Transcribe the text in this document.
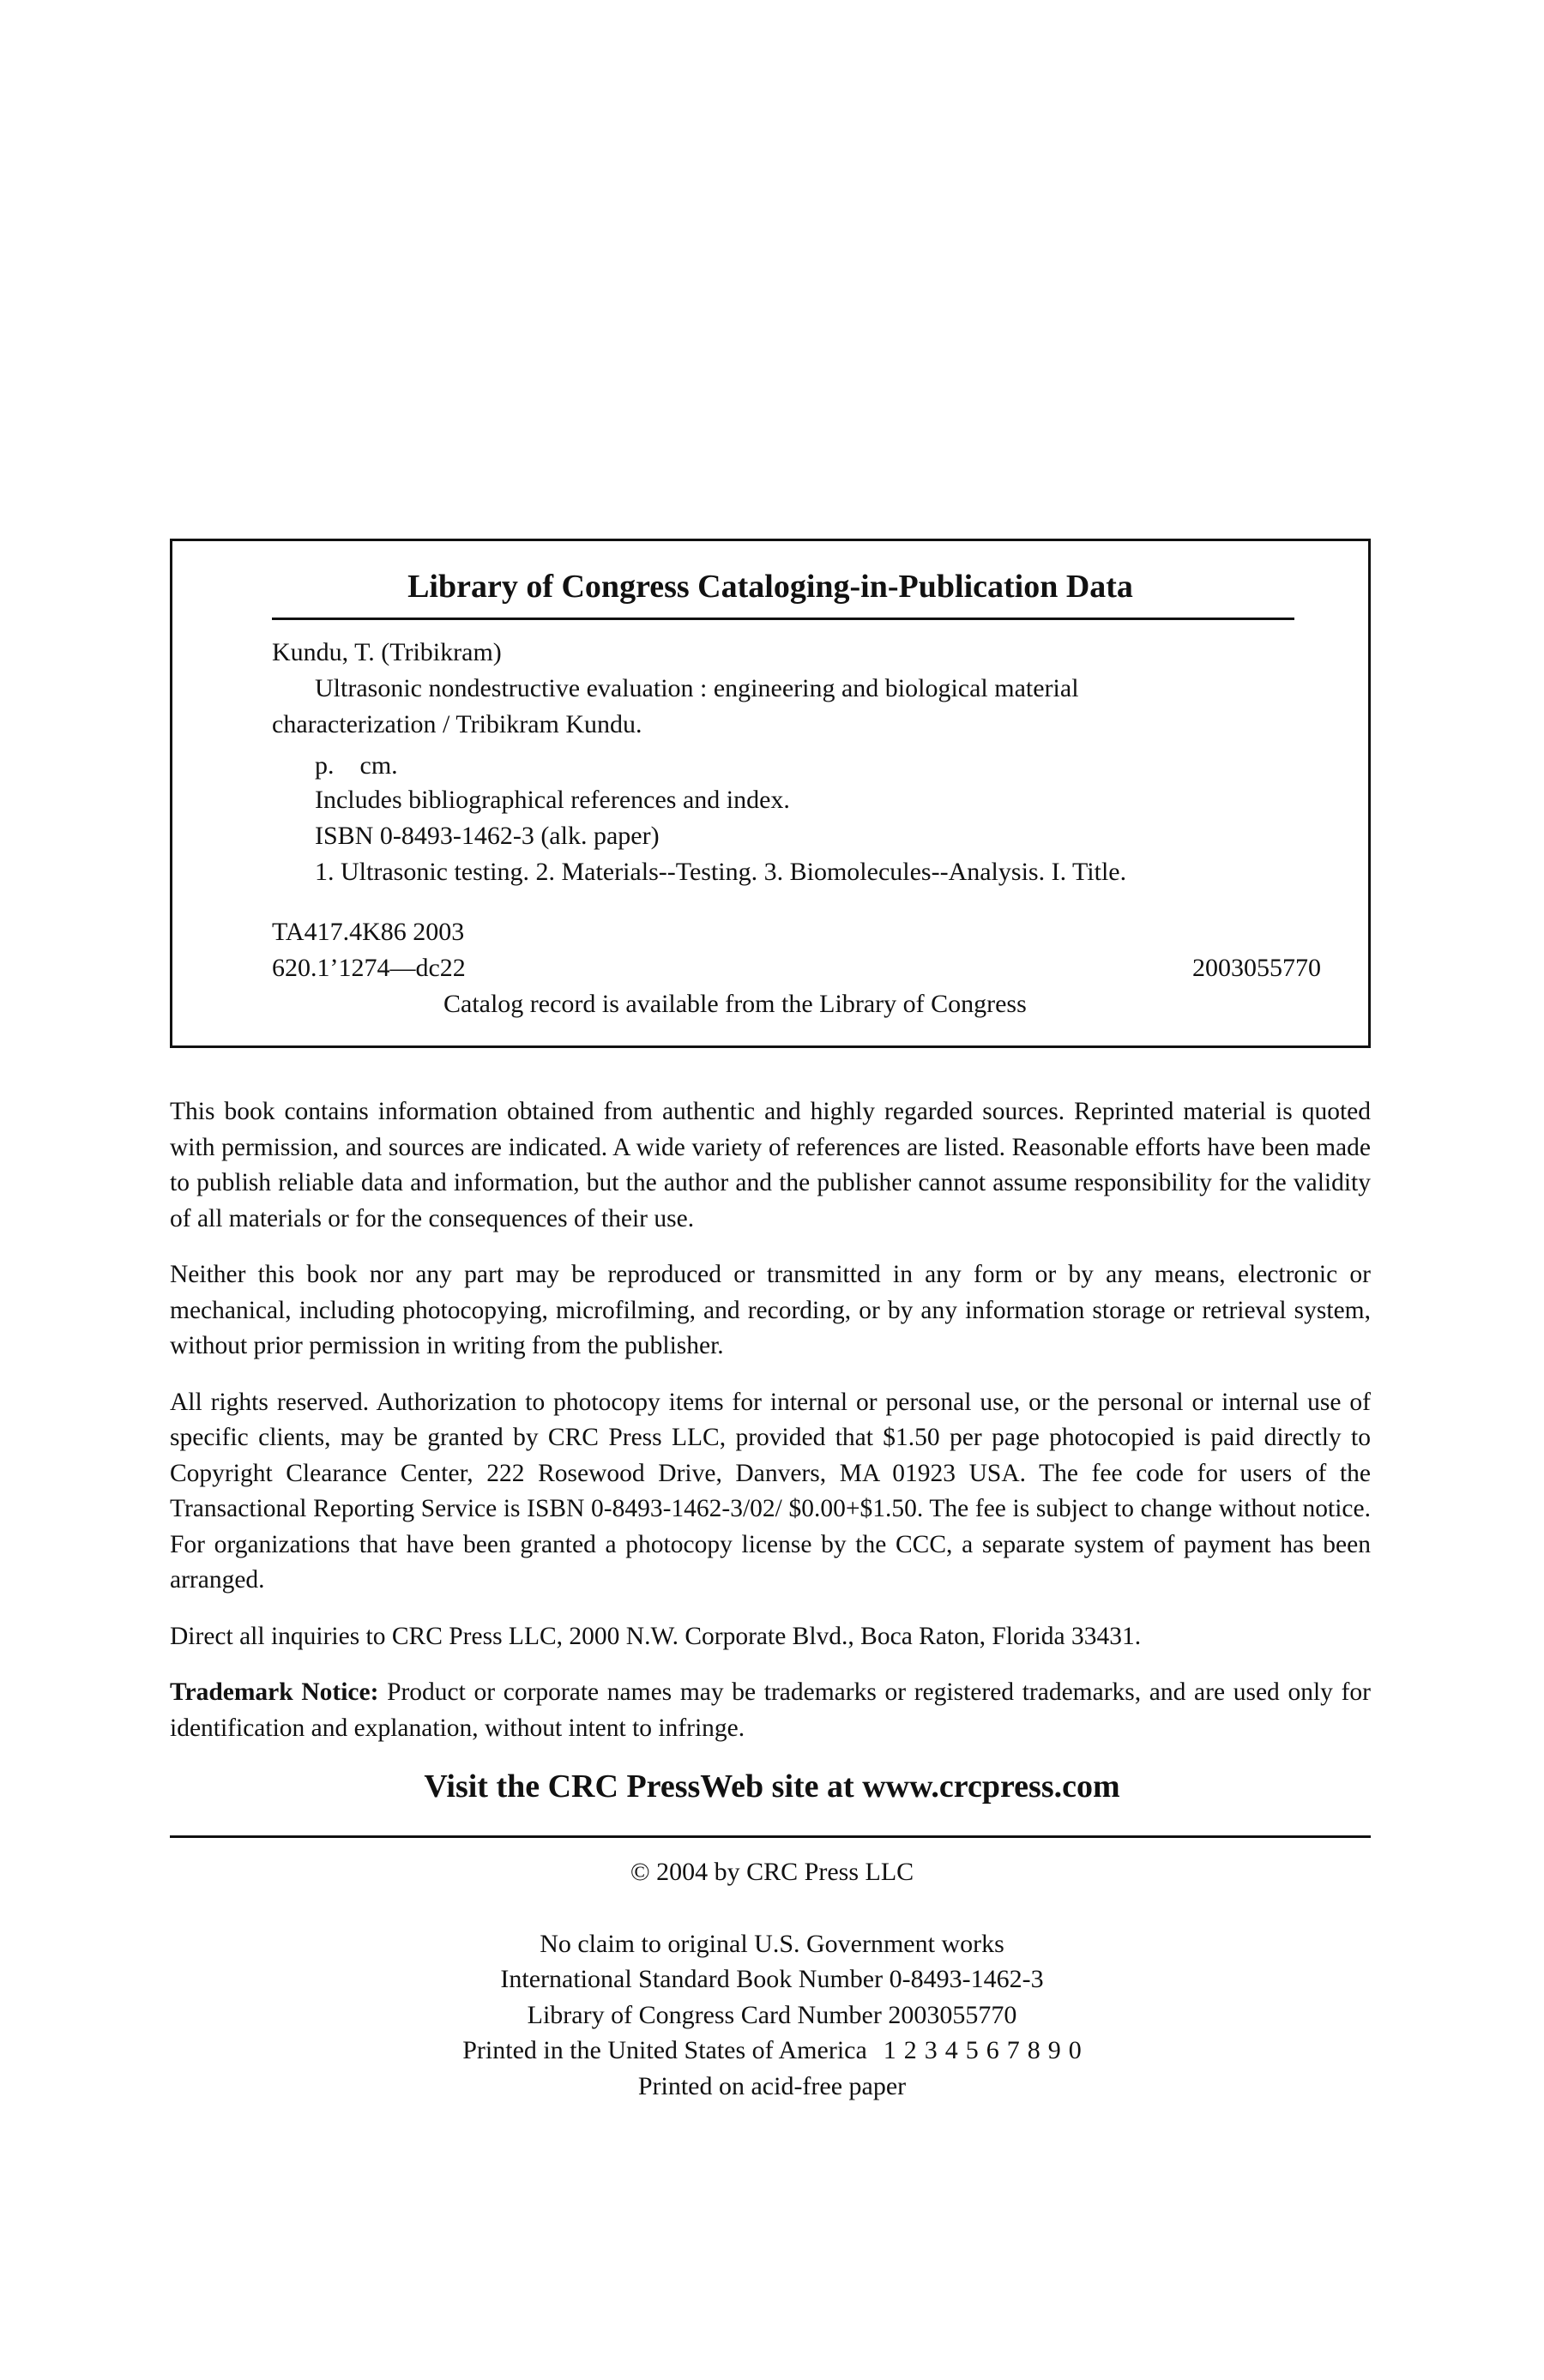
Library of Congress Cataloging-in-Publication Data
Kundu, T. (Tribikram)
Ultrasonic nondestructive evaluation : engineering and biological material
characterization / Tribikram Kundu.
p.    cm.
Includes bibliographical references and index.
ISBN 0-8493-1462-3 (alk. paper)
1. Ultrasonic testing. 2. Materials--Testing. 3. Biomolecules--Analysis. I. Title.
TA417.4K86 2003
620.1’1274—dc22	2003055770
Catalog record is available from the Library of Congress

This book contains information obtained from authentic and highly regarded sources. Reprinted material is quoted with permission, and sources are indicated. A wide variety of references are listed. Reasonable efforts have been made to publish reliable data and information, but the author and the publisher cannot assume responsibility for the validity of all materials or for the consequences of their use.

Neither this book nor any part may be reproduced or transmitted in any form or by any means, electronic or mechanical, including photocopying, microfilming, and recording, or by any information storage or retrieval system, without prior permission in writing from the publisher.

All rights reserved. Authorization to photocopy items for internal or personal use, or the personal or internal use of specific clients, may be granted by CRC Press LLC, provided that $1.50 per page photocopied is paid directly to Copyright Clearance Center, 222 Rosewood Drive, Danvers, MA 01923 USA. The fee code for users of the Transactional Reporting Service is ISBN 0-8493-1462-3/02/ $0.00+$1.50. The fee is subject to change without notice. For organizations that have been granted a photocopy license by the CCC, a separate system of payment has been arranged.

Direct all inquiries to CRC Press LLC, 2000 N.W. Corporate Blvd., Boca Raton, Florida 33431.

Trademark Notice: Product or corporate names may be trademarks or registered trademarks, and are used only for identification and explanation, without intent to infringe.

Visit the CRC PressWeb site at www.crcpress.com
© 2004 by CRC Press LLC
No claim to original U.S. Government works
International Standard Book Number 0-8493-1462-3
Library of Congress Card Number 2003055770
Printed in the United States of America 1 2 3 4 5 6 7 8 9 0
Printed on acid-free paper
